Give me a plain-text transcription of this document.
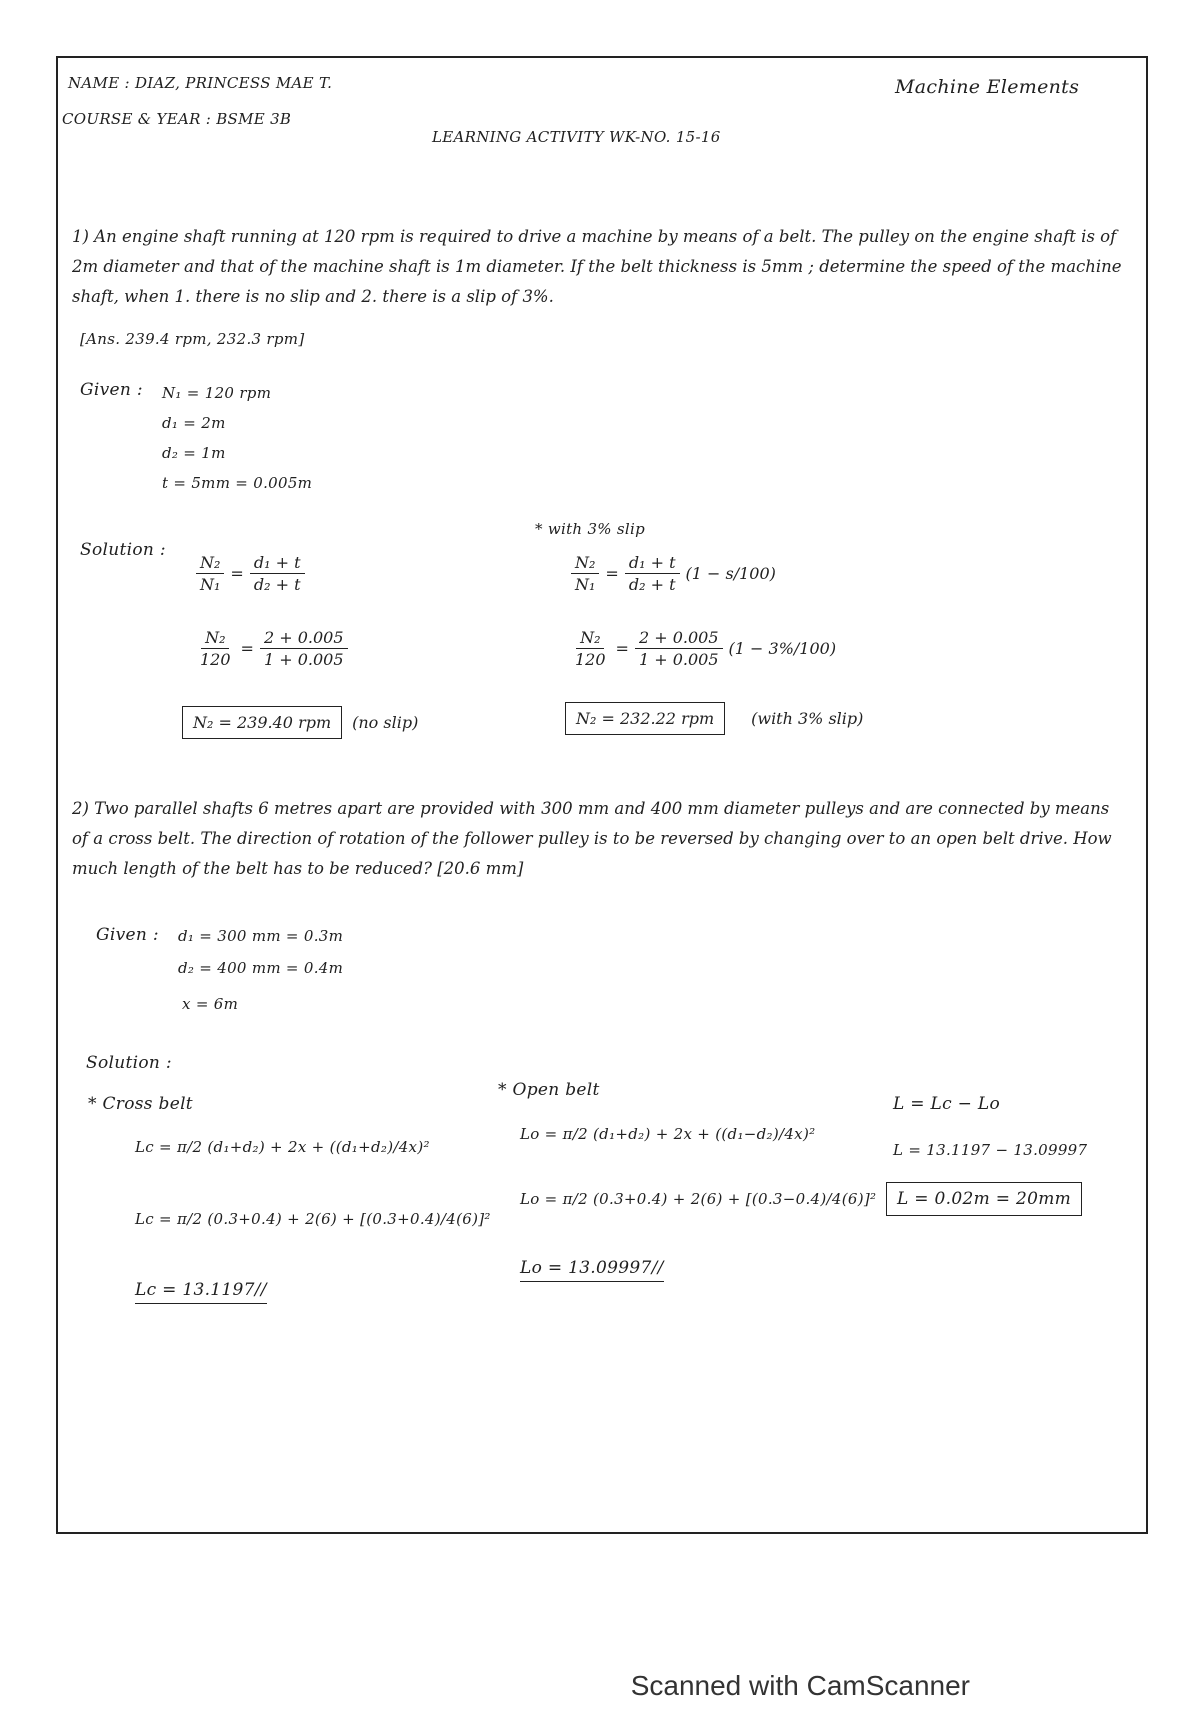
NAME : DIAZ, PRINCESS MAE T.
COURSE & YEAR : BSME 3B
Machine Elements
LEARNING ACTIVITY WK-NO. 15-16
1) An engine shaft running at 120 rpm is required to drive a machine by means of a belt. The pulley on the engine shaft is of 2m diameter and that of the machine shaft is 1m diameter. If the belt thickness is 5mm ; determine the speed of the machine shaft, when 1. there is no slip and 2. there is a slip of 3%.
[Ans. 239.4 rpm, 232.3 rpm]
Given : N₁ = 120 rpm
d₁ = 2m
d₂ = 1m
t = 5mm = 0.005m
Solution :
* with 3% slip
$\frac{\text{N₂}}{\text{N₁}} = \frac{\text{d₁ + t}}{\text{d₂ + t}}$
$\frac{\text{N₂}}{120} = \frac{2 + 0.005}{1 + 0.005}$
N₂ = 239.40 rpm	(no slip)
$\frac{\text{N₂}}{\text{N₁}} = \frac{\text{d₁ + t}}{\text{d₂ + t}} (1 - s/100)$
$\frac{\text{N₂}}{120} = \frac{2 + 0.005}{1 + 0.005} (1 - 3\%/100)$
N₂ = 232.22 rpm	(with 3% slip)
2) Two parallel shafts 6 metres apart are provided with 300 mm and 400 mm diameter pulleys and are connected by means of a cross belt. The direction of rotation of the follower pulley is to be reversed by changing over to an open belt drive. How much length of the belt has to be reduced? [20.6 mm]
Given : d₁ = 300 mm = 0.3m
d₂ = 400 mm = 0.4m
x = 6m
Solution :
* Cross belt
Lc = π/2 (d₁+d₂) + 2x + ((d₁+d₂)/4x)²
Lc = π/2 (0.3+0.4) + 2(6) + [(0.3+0.4)/4(6)]²
Lc = 13.1197//
* Open belt
Lo = π/2 (d₁+d₂) + 2x + ((d₁−d₂)/4x)²
Lo = π/2 (0.3+0.4) + 2(6) + [(0.3−0.4)/4(6)]²
Lo = 13.09997//
L = Lc − Lo
L = 13.1197 − 13.09997
L = 0.02m = 20mm
Scanned with CamScanner
